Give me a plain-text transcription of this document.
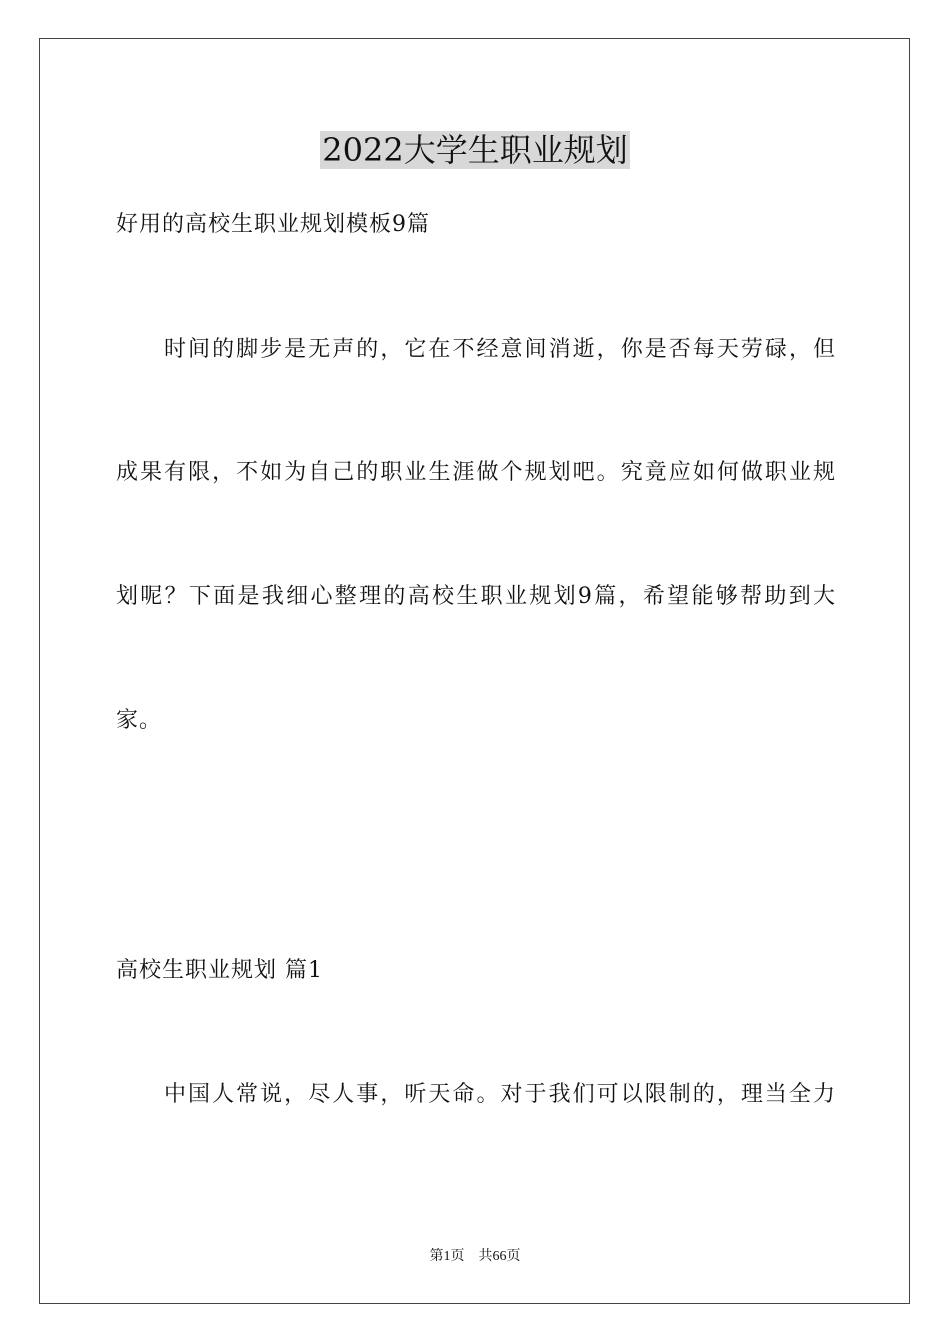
2022大学生职业规划
好用的高校生职业规划模板9篇
时间的脚步是无声的，它在不经意间消逝，你是否每天劳碌，但
成果有限，不如为自己的职业生涯做个规划吧。究竟应如何做职业规
划呢？下面是我细心整理的高校生职业规划9篇，希望能够帮助到大
家。
高校生职业规划 篇1
中国人常说，尽人事，听天命。对于我们可以限制的，理当全力
第1页 共66页
